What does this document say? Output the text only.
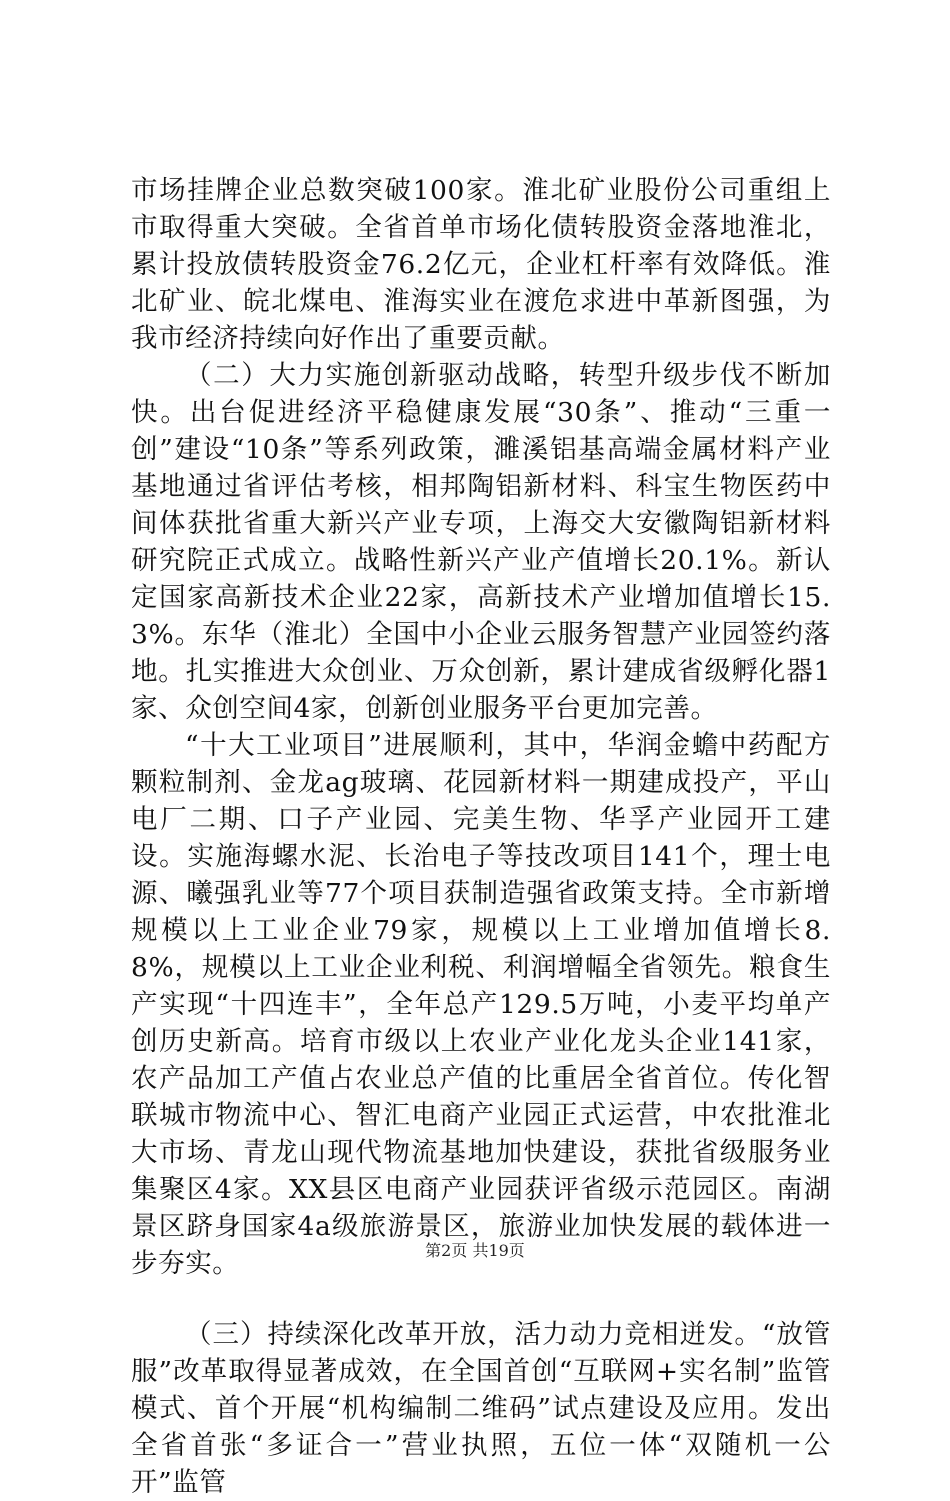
市场挂牌企业总数突破100家。淮北矿业股份公司重组上市取得重大突破。全省首单市场化债转股资金落地淮北，累计投放债转股资金76.2亿元，企业杠杆率有效降低。淮北矿业、皖北煤电、淮海实业在渡危求进中革新图强，为我市经济持续向好作出了重要贡献。

（二）大力实施创新驱动战略，转型升级步伐不断加快。出台促进经济平稳健康发展“30条”、推动“三重一创”建设“10条”等系列政策，濉溪铝基高端金属材料产业基地通过省评估考核，相邦陶铝新材料、科宝生物医药中间体获批省重大新兴产业专项，上海交大安徽陶铝新材料研究院正式成立。战略性新兴产业产值增长20.1%。新认定国家高新技术企业22家，高新技术产业增加值增长15.3%。东华（淮北）全国中小企业云服务智慧产业园签约落地。扎实推进大众创业、万众创新，累计建成省级孵化器1家、众创空间4家，创新创业服务平台更加完善。

“十大工业项目”进展顺利，其中，华润金蟾中药配方颗粒制剂、金龙ag玻璃、花园新材料一期建成投产，平山电厂二期、口子产业园、完美生物、华孚产业园开工建设。实施海螺水泥、长治电子等技改项目141个，理士电源、曦强乳业等77个项目获制造强省政策支持。全市新增规模以上工业企业79家，规模以上工业增加值增长8.8%，规模以上工业企业利税、利润增幅全省领先。粮食生产实现“十四连丰”，全年总产129.5万吨，小麦平均单产创历史新高。培育市级以上农业产业化龙头企业141家，农产品加工产值占农业总产值的比重居全省首位。传化智联城市物流中心、智汇电商产业园正式运营，中农批淮北大市场、青龙山现代物流基地加快建设，获批省级服务业集聚区4家。XX县区电商产业园获评省级示范园区。南湖景区跻身国家4a级旅游景区，旅游业加快发展的载体进一步夯实。

（三）持续深化改革开放，活力动力竞相迸发。“放管服”改革取得显著成效，在全国首创“互联网+实名制”监管模式、首个开展“机构编制二维码”试点建设及应用。发出全省首张“多证合一”营业执照，五位一体“双随机一公开”监管

第2页 共19页
